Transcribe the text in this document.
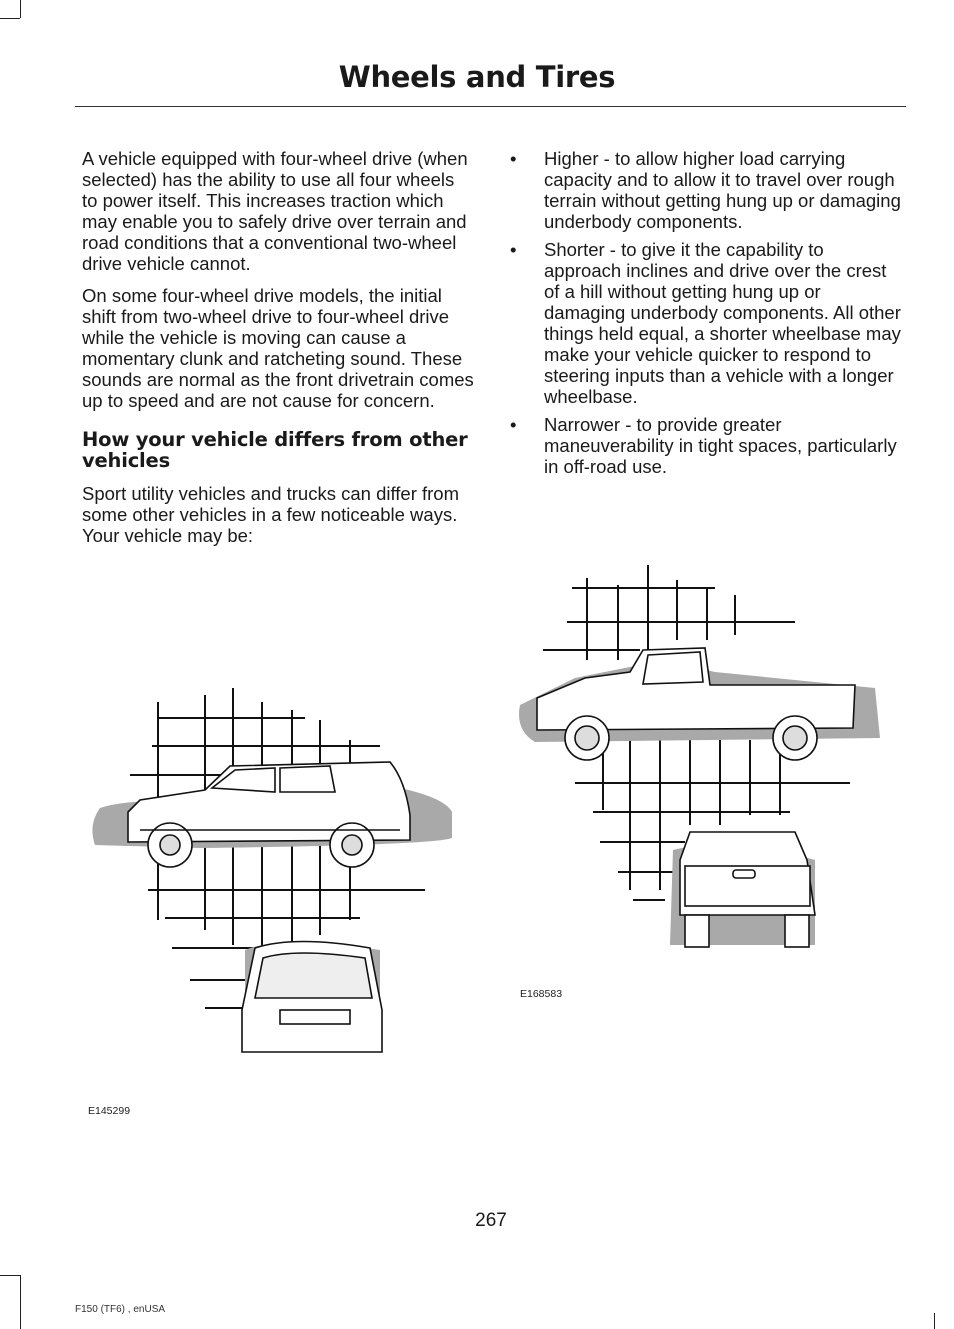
Wheels and Tires

A vehicle equipped with four-wheel drive (when selected) has the ability to use all four wheels to power itself. This increases traction which may enable you to safely drive over terrain and road conditions that a conventional two-wheel drive vehicle cannot.

On some four-wheel drive models, the initial shift from two-wheel drive to four-wheel drive while the vehicle is moving can cause a momentary clunk and ratcheting sound. These sounds are normal as the front drivetrain comes up to speed and are not cause for concern.

How your vehicle differs from other vehicles

Sport utility vehicles and trucks can differ from some other vehicles in a few noticeable ways. Your vehicle may be:

• Higher - to allow higher load carrying capacity and to allow it to travel over rough terrain without getting hung up or damaging underbody components.
• Shorter - to give it the capability to approach inclines and drive over the crest of a hill without getting hung up or damaging underbody components. All other things held equal, a shorter wheelbase may make your vehicle quicker to respond to steering inputs than a vehicle with a longer wheelbase.
• Narrower - to provide greater maneuverability in tight spaces, particularly in off-road use.
E145299
E168583
267
F150 (TF6) , enUSA
